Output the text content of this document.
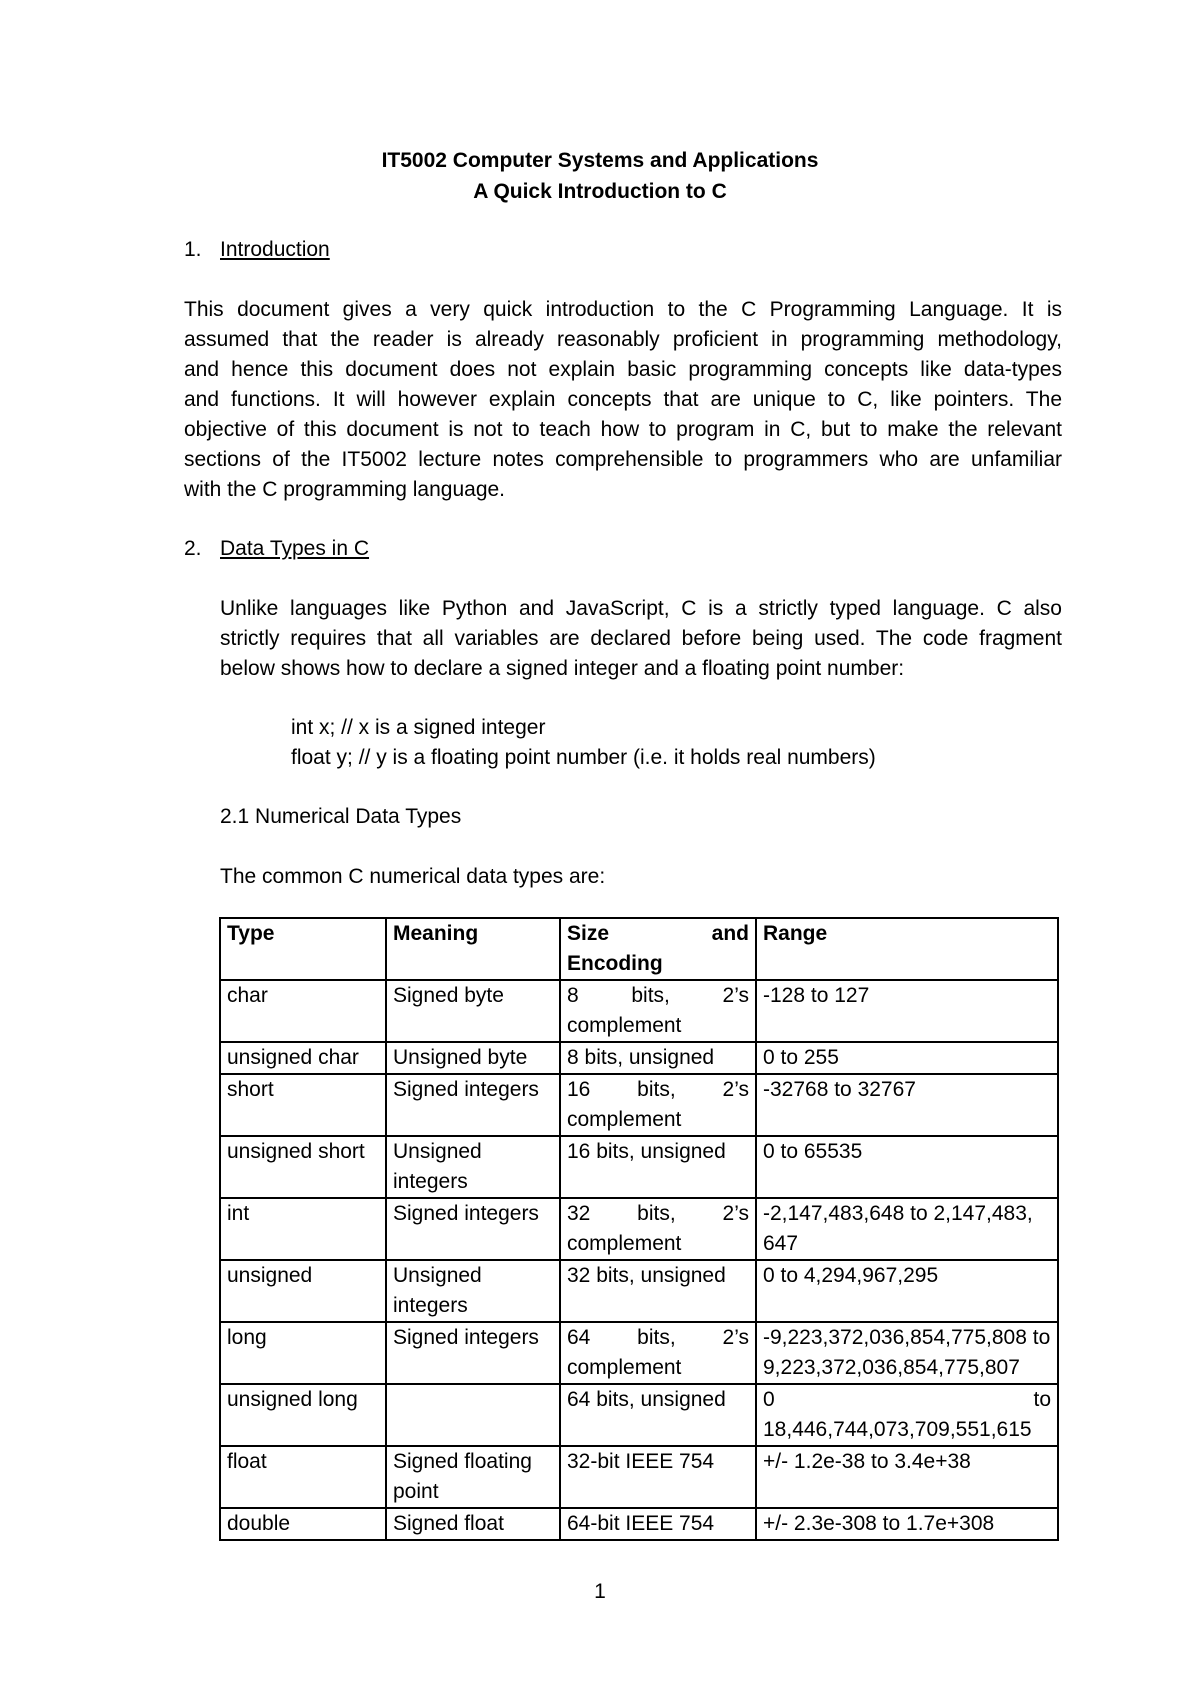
IT5002 Computer Systems and Applications
A Quick Introduction to C
1. Introduction
This document gives a very quick introduction to the C Programming Language. It is
assumed that the reader is already reasonably proficient in programming methodology,
and hence this document does not explain basic programming concepts like data-types
and functions. It will however explain concepts that are unique to C, like pointers. The
objective of this document is not to teach how to program in C, but to make the relevant
sections of the IT5002 lecture notes comprehensible to programmers who are unfamiliar
with the C programming language.
2. Data Types in C
Unlike languages like Python and JavaScript, C is a strictly typed language. C also
strictly requires that all variables are declared before being used. The code fragment
below shows how to declare a signed integer and a floating point number:
int x; // x is a signed integer
float y; // y is a floating point number (i.e. it holds real numbers)
2.1 Numerical Data Types
The common C numerical data types are:
Type	Meaning	Size and Encoding	Range
char	Signed byte	8 bits, 2’s complement	-128 to 127
unsigned char	Unsigned byte	8 bits, unsigned	0 to 255
short	Signed integers	16 bits, 2’s complement	-32768 to 32767
unsigned short	Unsigned integers	16 bits, unsigned	0 to 65535
int	Signed integers	32 bits, 2’s complement	-2,147,483,648 to 2,147,483, 647
unsigned	Unsigned integers	32 bits, unsigned	0 to 4,294,967,295
long	Signed integers	64 bits, 2’s complement	-9,223,372,036,854,775,808 to 9,223,372,036,854,775,807
unsigned long		64 bits, unsigned	0 to 18,446,744,073,709,551,615
float	Signed floating point	32-bit IEEE 754	+/- 1.2e-38 to 3.4e+38
double	Signed float	64-bit IEEE 754	+/- 2.3e-308 to 1.7e+308
1
